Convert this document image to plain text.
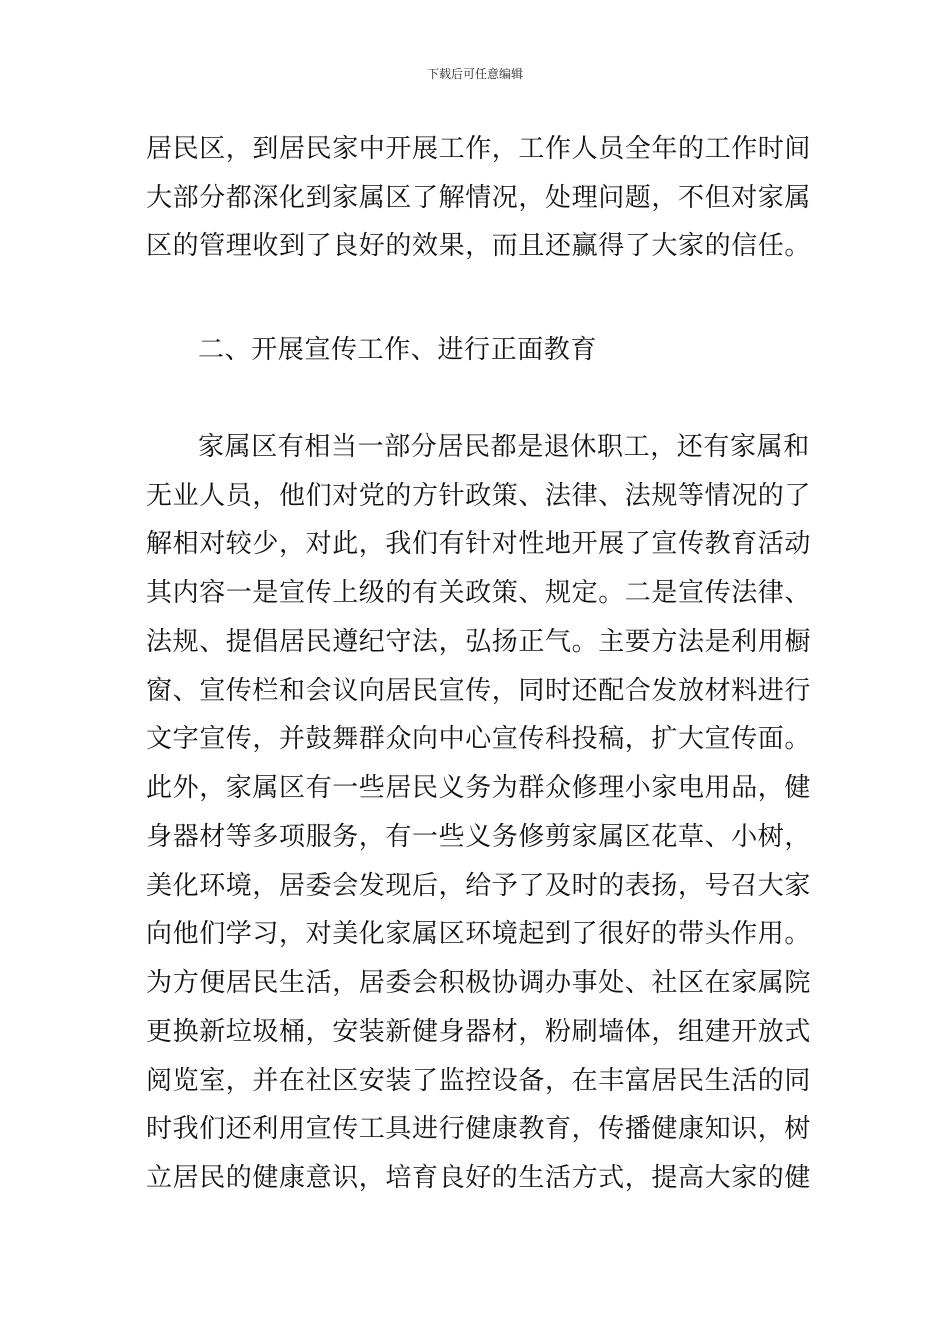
下载后可任意编辑
居民区，到居民家中开展工作，工作人员全年的工作时间
大部分都深化到家属区了解情况，处理问题，不但对家属
区的管理收到了良好的效果，而且还赢得了大家的信任。
二、开展宣传工作、进行正面教育
家属区有相当一部分居民都是退休职工，还有家属和
无业人员，他们对党的方针政策、法律、法规等情况的了
解相对较少，对此，我们有针对性地开展了宣传教育活动
其内容一是宣传上级的有关政策、规定。二是宣传法律、
法规、提倡居民遵纪守法，弘扬正气。主要方法是利用橱
窗、宣传栏和会议向居民宣传，同时还配合发放材料进行
文字宣传，并鼓舞群众向中心宣传科投稿，扩大宣传面。
此外，家属区有一些居民义务为群众修理小家电用品，健
身器材等多项服务，有一些义务修剪家属区花草、小树，
美化环境，居委会发现后，给予了及时的表扬，号召大家
向他们学习，对美化家属区环境起到了很好的带头作用。
为方便居民生活，居委会积极协调办事处、社区在家属院
更换新垃圾桶，安装新健身器材，粉刷墙体，组建开放式
阅览室，并在社区安装了监控设备，在丰富居民生活的同
时我们还利用宣传工具进行健康教育，传播健康知识，树
立居民的健康意识，培育良好的生活方式，提高大家的健
